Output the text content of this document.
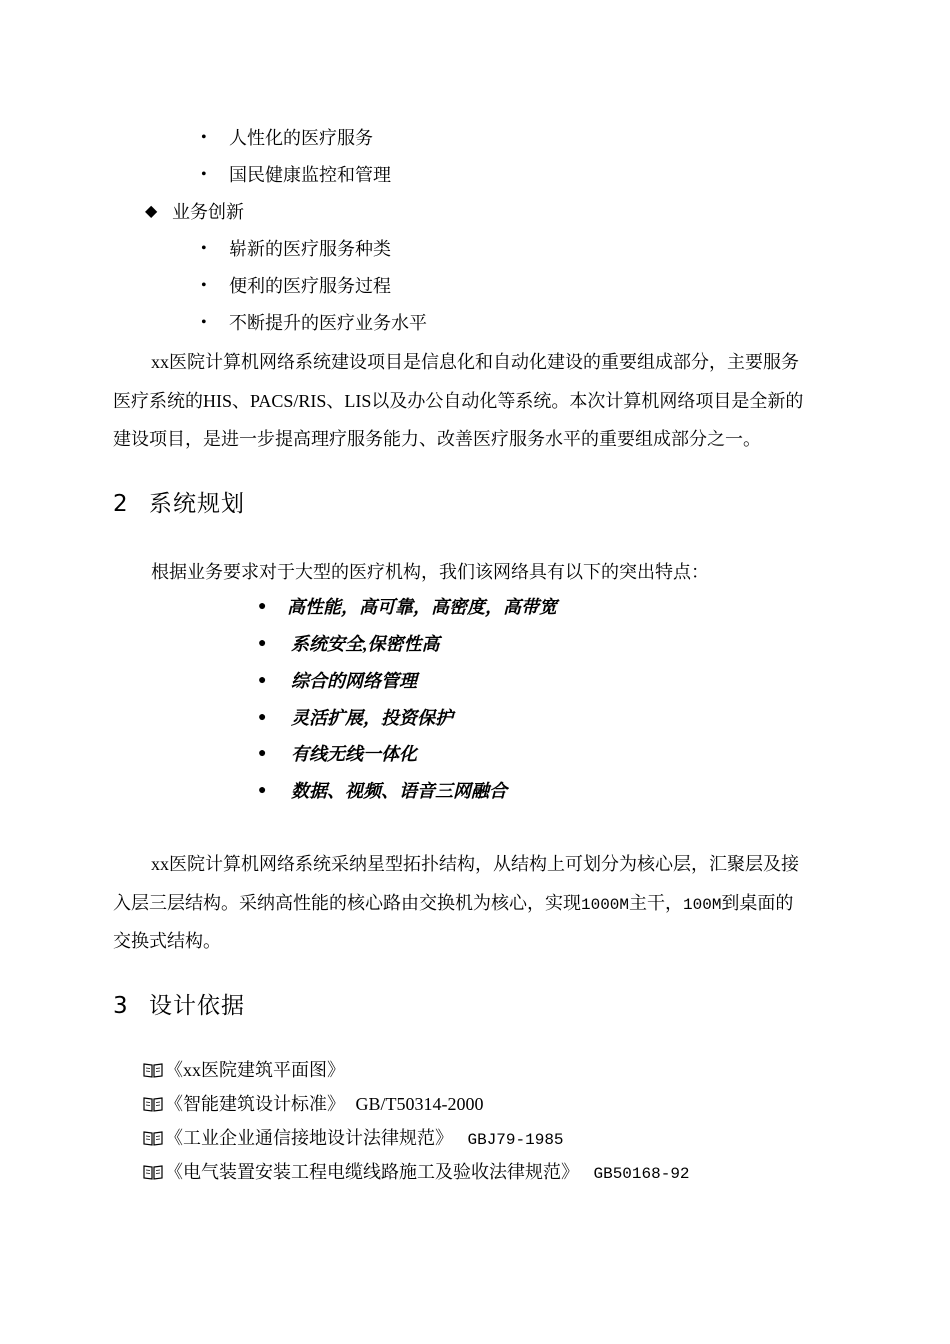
• 人性化的医疗服务
• 国民健康监控和管理
◆ 业务创新
• 崭新的医疗服务种类
• 便利的医疗服务过程
• 不断提升的医疗业务水平
xx医院计算机网络系统建设项目是信息化和自动化建设的重要组成部分，主要服务
医疗系统的HIS、PACS/RIS、LIS以及办公自动化等系统。本次计算机网络项目是全新的
建设项目，是进一步提高理疗服务能力、改善医疗服务水平的重要组成部分之一。
2 系统规划
根据业务要求对于大型的医疗机构，我们该网络具有以下的突出特点：
● 高性能，高可靠，高密度，高带宽
● 系统安全,保密性高
● 综合的网络管理
● 灵活扩展，投资保护
● 有线无线一体化
● 数据、视频、语音三网融合
xx医院计算机网络系统采纳星型拓扑结构，从结构上可划分为核心层，汇聚层及接
入层三层结构。采纳高性能的核心路由交换机为核心，实现1000M主干，100M到桌面的
交换式结构。
3 设计依据
《xx医院建筑平面图》
《智能建筑设计标准》 GB/T50314-2000
《工业企业通信接地设计法律规范》 GBJ79-1985
《电气装置安装工程电缆线路施工及验收法律规范》 GB50168-92
